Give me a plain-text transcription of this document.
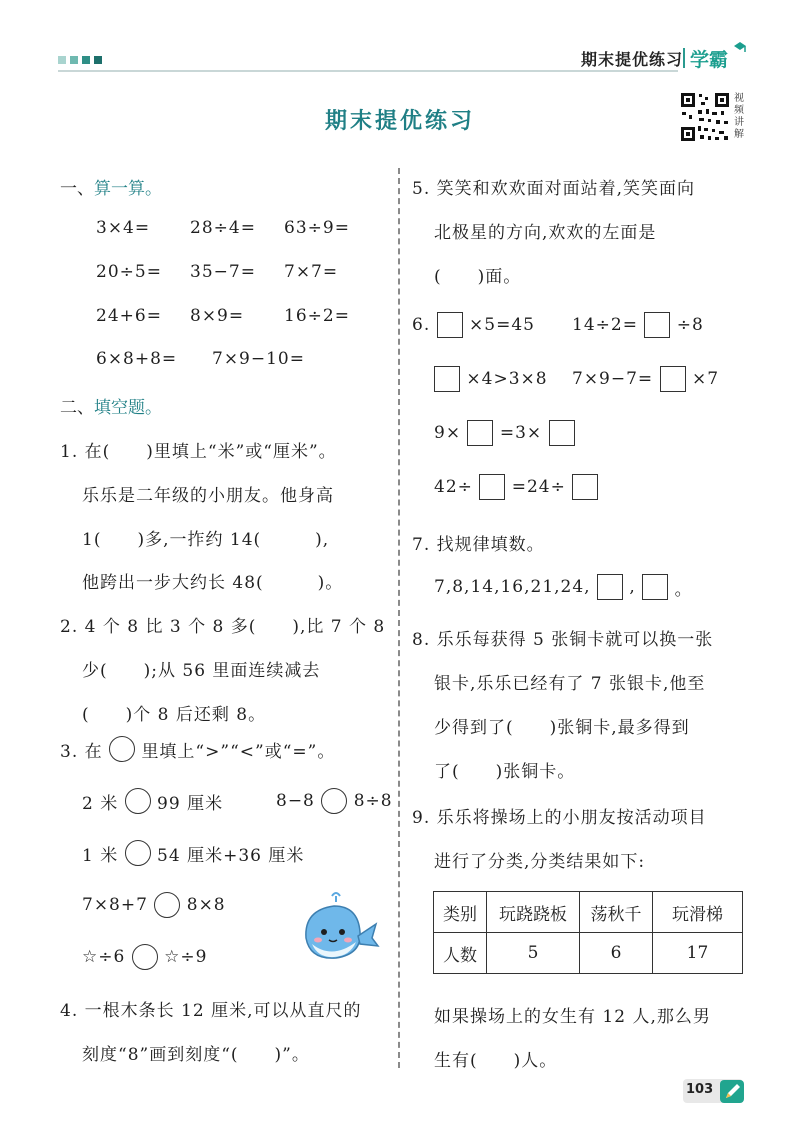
期末提优练习 学霸
期末提优练习
视
频
讲
解
一、算一算。
3×4= 28÷4= 63÷9=
20÷5= 35−7= 7×7=
24+6= 8×9= 16÷2=
6×8+8= 7×9−10=
二、填空题。
1. 在(　　)里填上“米”或“厘米”。
乐乐是二年级的小朋友。他身高
1(　　)多,一拃约 14(　　　),
他跨出一步大约长 48(　　　)。
2. 4 个 8 比 3 个 8 多(　　),比 7 个 8
少(　　);从 56 里面连续减去
(　　)个 8 后还剩 8。
3. 在 里填上“>”“<”或“=”。
2 米 99 厘米	8−8 8÷8
1 米 54 厘米+36 厘米
7×8+7 8×8
☆÷6 ☆÷9
4. 一根木条长 12 厘米,可以从直尺的
刻度“8”画到刻度“(　　)”。
5. 笑笑和欢欢面对面站着,笑笑面向
北极星的方向,欢欢的左面是
(　　)面。
6. ×5=45 14÷2= ÷8
×4>3×8 7×9−7= ×7
9× =3×
42÷ =24÷
7. 找规律填数。
7,8,14,16,21,24, , 。
8. 乐乐每获得 5 张铜卡就可以换一张
银卡,乐乐已经有了 7 张银卡,他至
少得到了(　　)张铜卡,最多得到
了(　　)张铜卡。
9. 乐乐将操场上的小朋友按活动项目
进行了分类,分类结果如下:
类别	玩跷跷板	荡秋千	玩滑梯
人数	5	6	17
如果操场上的女生有 12 人,那么男
生有(　　)人。
103
